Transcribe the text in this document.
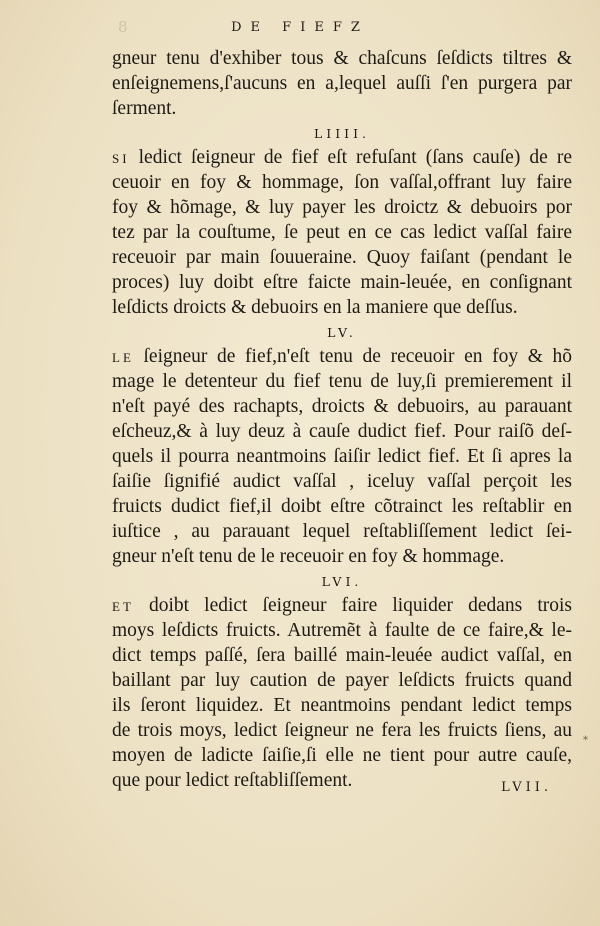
8	DE FIEFZ
gneur tenu d'exhiber tous & chaſcuns ſeſdicts tiltres &
enſeignemens,ſ'aucuns en a,lequel auſſi ſ'en purgera par
ſerment.
LIIII.
SI ledict ſeigneur de fief eſt refuſant (ſans cauſe) de re
ceuoir en foy & hommage, ſon vaſſal,offrant luy faire
foy & hõmage, & luy payer les droictz & debuoirs por
tez par la couſtume, ſe peut en ce cas ledict vaſſal faire
receuoir par main ſouueraine. Quoy faiſant (pendant le
proces) luy doibt eſtre faicte main-leuée, en conſignant
leſdicts droicts & debuoirs en la maniere que deſſus.
LV.
LE ſeigneur de fief,n'eſt tenu de receuoir en foy & hõ
mage le detenteur du fief tenu de luy,ſi premierement il
n'eſt payé des rachapts, droicts & debuoirs, au parauant
eſcheuz,& à luy deuz à cauſe dudict fief. Pour raiſõ deſ-
quels il pourra neantmoins ſaiſir ledict fief. Et ſi apres la
ſaiſie ſignifié audict vaſſal , iceluy vaſſal perçoit les
fruicts dudict fief,il doibt eſtre cõtrainct les reſtablir en
iuſtice , au parauant lequel reſtabliſſement ledict ſei-
gneur n'eſt tenu de le receuoir en foy & hommage.
LVI.
ET doibt ledict ſeigneur faire liquider dedans trois
moys leſdicts fruicts. Autremẽt à faulte de ce faire,& le-
dict temps paſſé, ſera baillé main-leuée audict vaſſal, en
baillant par luy caution de payer leſdicts fruicts quand
ils ſeront liquidez. Et neantmoins pendant ledict temps
de trois moys, ledict ſeigneur ne fera les fruicts ſiens, au
moyen de ladicte ſaiſie,ſi elle ne tient pour autre cauſe,
que pour ledict reſtabliſſement.
*
LVII.
